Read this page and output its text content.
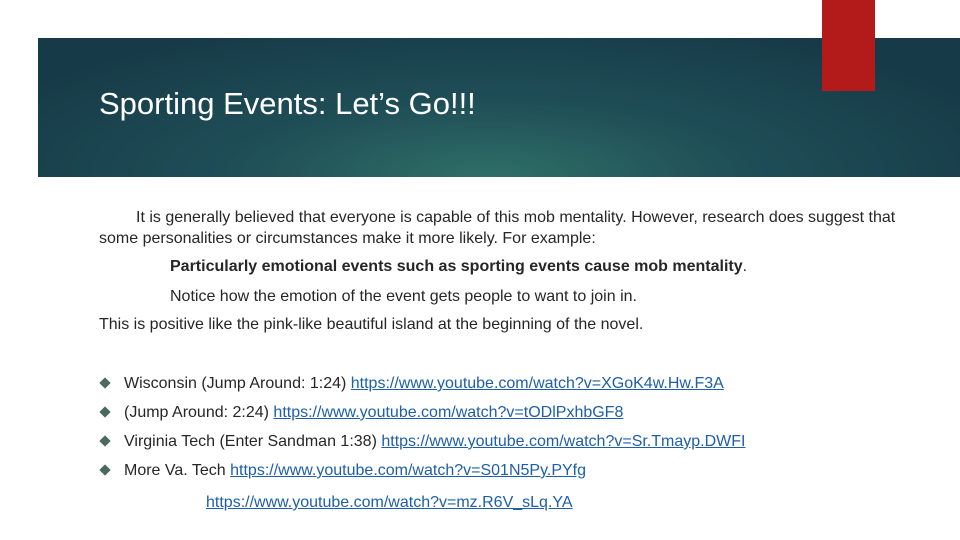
Sporting Events: Let’s Go!!!
It is generally believed that everyone is capable of this mob mentality. However, research does suggest that some personalities or circumstances make it more likely. For example:
Particularly emotional events such as sporting events cause mob mentality.
Notice how the emotion of the event gets people to want to join in.
This is positive like the pink-like beautiful island at the beginning of the novel.
Wisconsin (Jump Around: 1:24) https://www.youtube.com/watch?v=XGoK4w.Hw.F3A
(Jump Around: 2:24) https://www.youtube.com/watch?v=tODlPxhbGF8
Virginia Tech (Enter Sandman 1:38) https://www.youtube.com/watch?v=Sr.Tmayp.DWFI
More Va. Tech https://www.youtube.com/watch?v=S01N5Py.PYfg
https://www.youtube.com/watch?v=mz.R6V_sLq.YA
